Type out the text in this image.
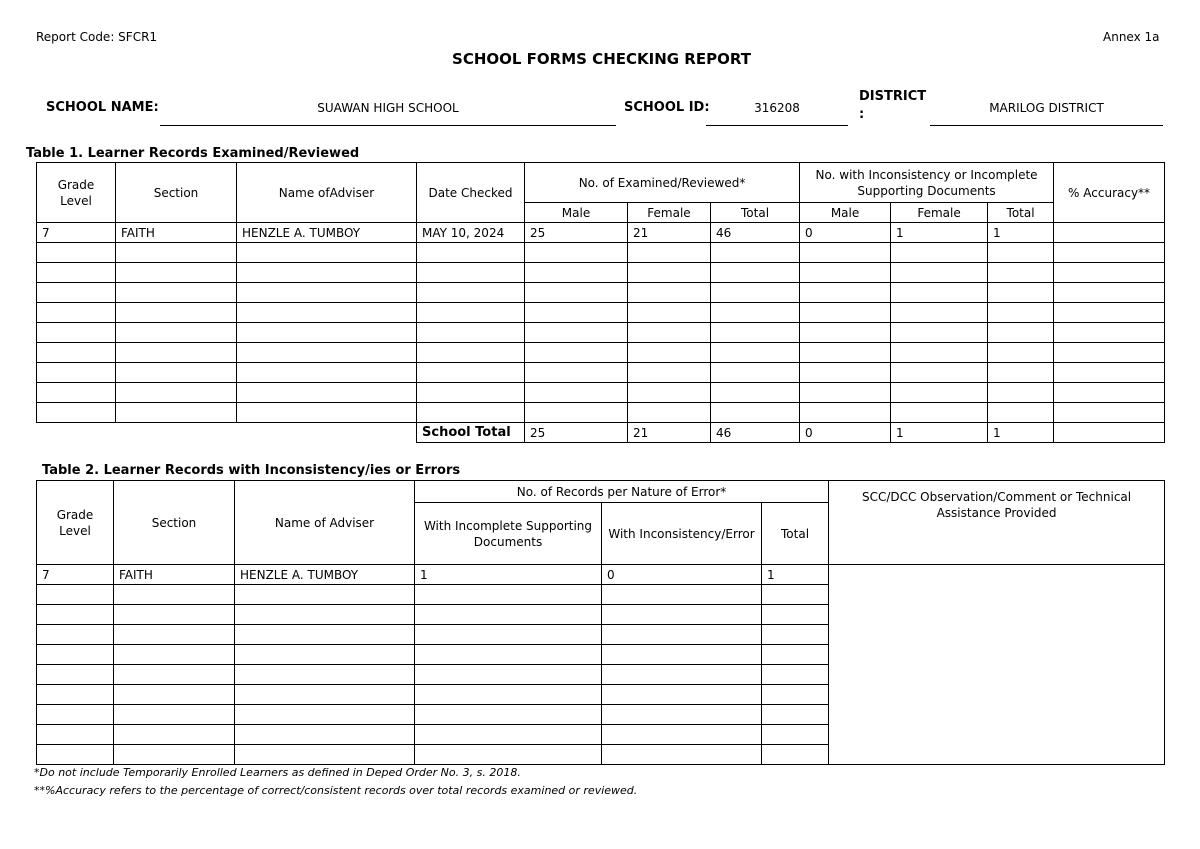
Report Code: SFCR1	Annex 1a
SCHOOL FORMS CHECKING REPORT
SCHOOL NAME:	SUAWAN HIGH SCHOOL	SCHOOL ID:	316208
DISTRICT
:	MARILOG DISTRICT
Table 1. Learner Records Examined/Reviewed
Grade Level	Section	Name ofAdviser	Date Checked	No. of Examined/Reviewed*			No. with Inconsistency or Incomplete Supporting Documents			% Accuracy**
				Male	Female	Total	Male	Female	Total	
7	FAITH	HENZLE A. TUMBOY	MAY 10, 2024	25	21	46	0	1	1	

			School Total	25	21	46	0	1	1	
Table 2. Learner Records with Inconsistency/ies or Errors
Grade Level	Section	Name of Adviser	No. of Records per Nature of Error*			SCC/DCC Observation/Comment or Technical Assistance Provided
			With Incomplete Supporting Documents	With Inconsistency/Error	Total	
7	FAITH	HENZLE A. TUMBOY	1	0	1	

*Do not include Temporarily Enrolled Learners as defined in Deped Order No. 3, s. 2018.
**%Accuracy refers to the percentage of correct/consistent records over total records examined or reviewed.
